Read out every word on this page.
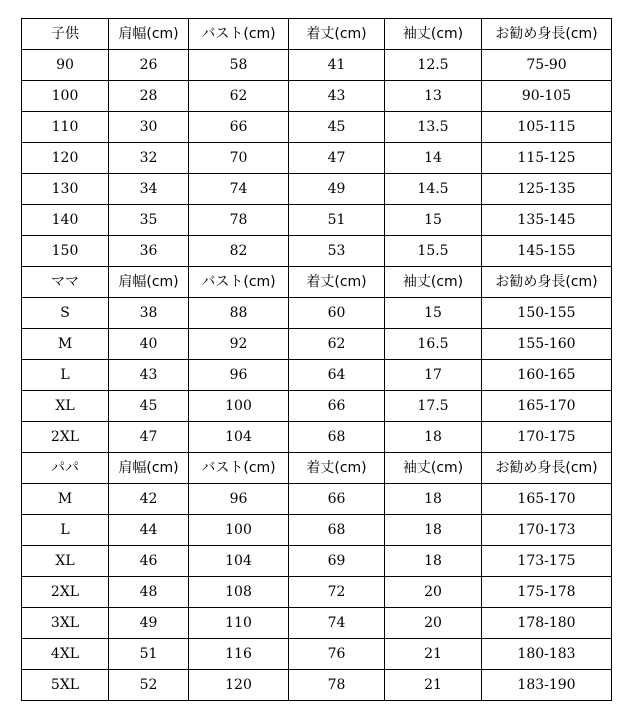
子供	肩幅(cm)	バスト(cm)	着丈(cm)	袖丈(cm)	お勧め身長(cm)
90	26	58	41	12.5	75-90
100	28	62	43	13	90-105
110	30	66	45	13.5	105-115
120	32	70	47	14	115-125
130	34	74	49	14.5	125-135
140	35	78	51	15	135-145
150	36	82	53	15.5	145-155
ママ	肩幅(cm)	バスト(cm)	着丈(cm)	袖丈(cm)	お勧め身長(cm)
S	38	88	60	15	150-155
M	40	92	62	16.5	155-160
L	43	96	64	17	160-165
XL	45	100	66	17.5	165-170
2XL	47	104	68	18	170-175
パパ	肩幅(cm)	バスト(cm)	着丈(cm)	袖丈(cm)	お勧め身長(cm)
M	42	96	66	18	165-170
L	44	100	68	18	170-173
XL	46	104	69	18	173-175
2XL	48	108	72	20	175-178
3XL	49	110	74	20	178-180
4XL	51	116	76	21	180-183
5XL	52	120	78	21	183-190
